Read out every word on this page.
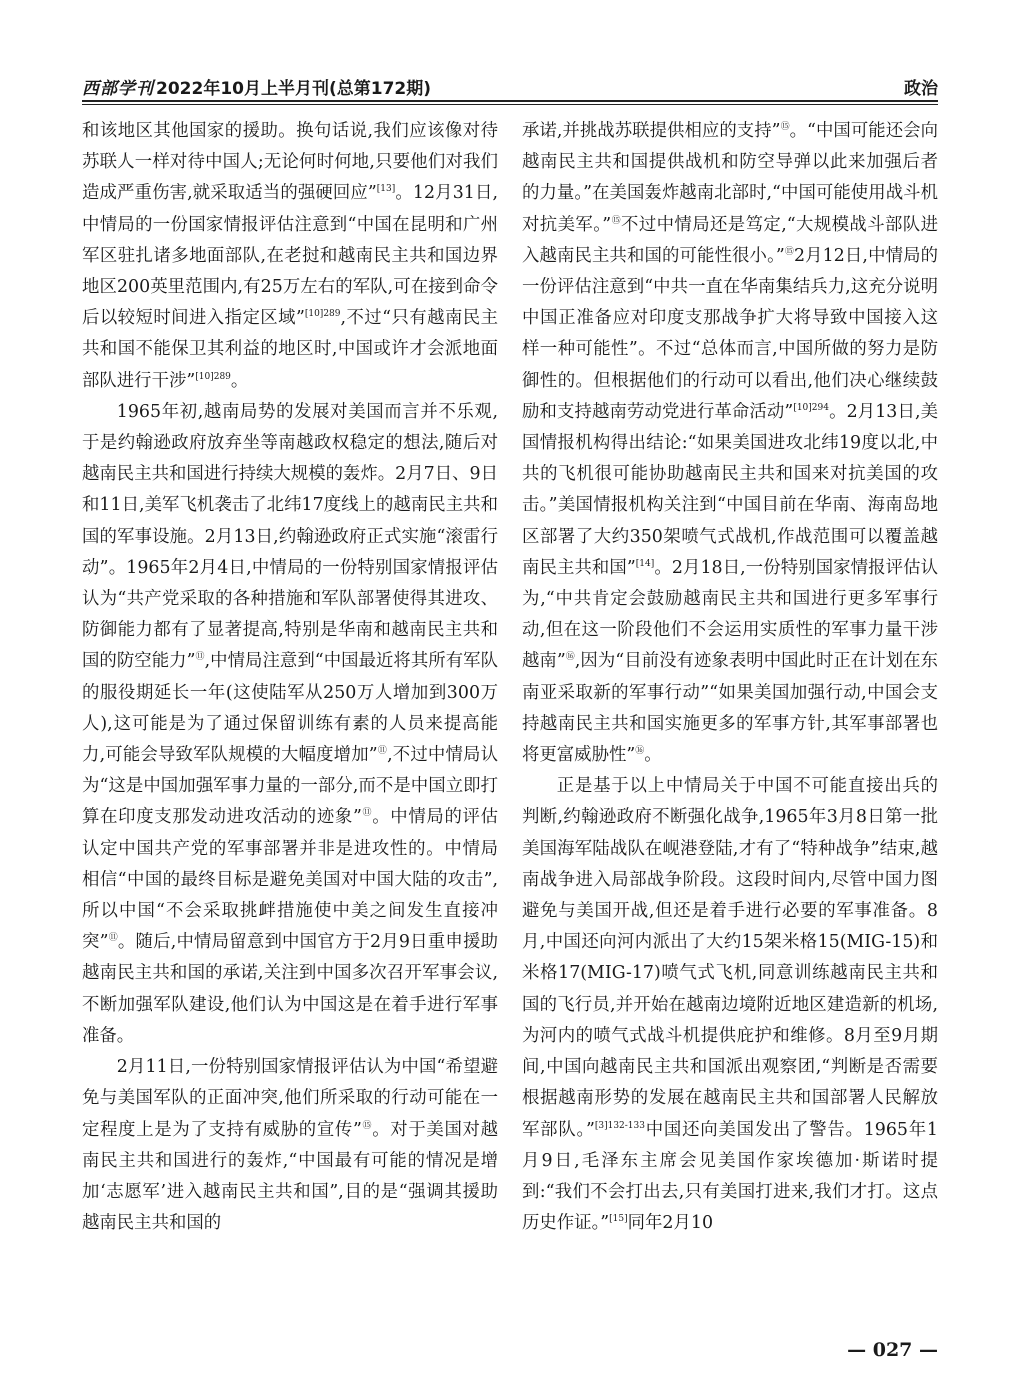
西部学刊 2022年10月上半月刊(总第172期)	政治

和该地区其他国家的援助。换句话说,我们应该像对待苏联人一样对待中国人;无论何时何地,只要他们对我们造成严重伤害,就采取适当的强硬回应”[13]。12月31日,中情局的一份国家情报评估注意到“中国在昆明和广州军区驻扎诸多地面部队,在老挝和越南民主共和国边界地区200英里范围内,有25万左右的军队,可在接到命令后以较短时间进入指定区域”$^{[10]289}$,不过“只有越南民主共和国不能保卫其利益的地区时,中国或许才会派地面部队进行干涉”$^{[10]289}$。

1965年初,越南局势的发展对美国而言并不乐观,于是约翰逊政府放弃坐等南越政权稳定的想法,随后对越南民主共和国进行持续大规模的轰炸。2月7日、9日和11日,美军飞机袭击了北纬17度线上的越南民主共和国的军事设施。2月13日,约翰逊政府正式实施“滚雷行动”。1965年2月4日,中情局的一份特别国家情报评估认为“共产党采取的各种措施和军队部署使得其进攻、防御能力都有了显著提高,特别是华南和越南民主共和国的防空能力”⑪,中情局注意到“中国最近将其所有军队的服役期延长一年(这使陆军从250万人增加到300万人),这可能是为了通过保留训练有素的人员来提高能力,可能会导致军队规模的大幅度增加”⑪,不过中情局认为“这是中国加强军事力量的一部分,而不是中国立即打算在印度支那发动进攻活动的迹象”⑪。中情局的评估认定中国共产党的军事部署并非是进攻性的。中情局相信“中国的最终目标是避免美国对中国大陆的攻击”,所以中国“不会采取挑衅措施使中美之间发生直接冲突”⑪。随后,中情局留意到中国官方于2月9日重申援助越南民主共和国的承诺,关注到中国多次召开军事会议,不断加强军队建设,他们认为中国这是在着手进行军事准备。

2月11日,一份特别国家情报评估认为中国“希望避免与美国军队的正面冲突,他们所采取的行动可能在一定程度上是为了支持有威胁的宣传”⑮。对于美国对越南民主共和国进行的轰炸,“中国最有可能的情况是增加‘志愿军’进入越南民主共和国”,目的是“强调其援助越南民主共和国的

承诺,并挑战苏联提供相应的支持”⑮。“中国可能还会向越南民主共和国提供战机和防空导弹以此来加强后者的力量。”在美国轰炸越南北部时,“中国可能使用战斗机对抗美军。”⑮不过中情局还是笃定,“大规模战斗部队进入越南民主共和国的可能性很小。”⑮2月12日,中情局的一份评估注意到“中共一直在华南集结兵力,这充分说明中国正准备应对印度支那战争扩大将导致中国接入这样一种可能性”。不过“总体而言,中国所做的努力是防御性的。但根据他们的行动可以看出,他们决心继续鼓励和支持越南劳动党进行革命活动”$^{[10]294}$。2月13日,美国情报机构得出结论:“如果美国进攻北纬19度以北,中共的飞机很可能协助越南民主共和国来对抗美国的攻击。”美国情报机构关注到“中国目前在华南、海南岛地区部署了大约350架喷气式战机,作战范围可以覆盖越南民主共和国”[14]。2月18日,一份特别国家情报评估认为,“中共肯定会鼓励越南民主共和国进行更多军事行动,但在这一阶段他们不会运用实质性的军事力量干涉越南”⑯,因为“目前没有迹象表明中国此时正在计划在东南亚采取新的军事行动”“如果美国加强行动,中国会支持越南民主共和国实施更多的军事方针,其军事部署也将更富威胁性”⑯。

正是基于以上中情局关于中国不可能直接出兵的判断,约翰逊政府不断强化战争,1965年3月8日第一批美国海军陆战队在岘港登陆,才有了“特种战争”结束,越南战争进入局部战争阶段。这段时间内,尽管中国力图避免与美国开战,但还是着手进行必要的军事准备。8月,中国还向河内派出了大约15架米格15(MIG-15)和米格17(MIG-17)喷气式飞机,同意训练越南民主共和国的飞行员,并开始在越南边境附近地区建造新的机场,为河内的喷气式战斗机提供庇护和维修。8月至9月期间,中国向越南民主共和国派出观察团,“判断是否需要根据越南形势的发展在越南民主共和国部署人民解放军部队。”$^{[3]132-133}$中国还向美国发出了警告。1965年1月9日,毛泽东主席会见美国作家埃德加·斯诺时提到:“我们不会打出去,只有美国打进来,我们才打。这点历史作证。”[15]同年2月10

— 027 —
